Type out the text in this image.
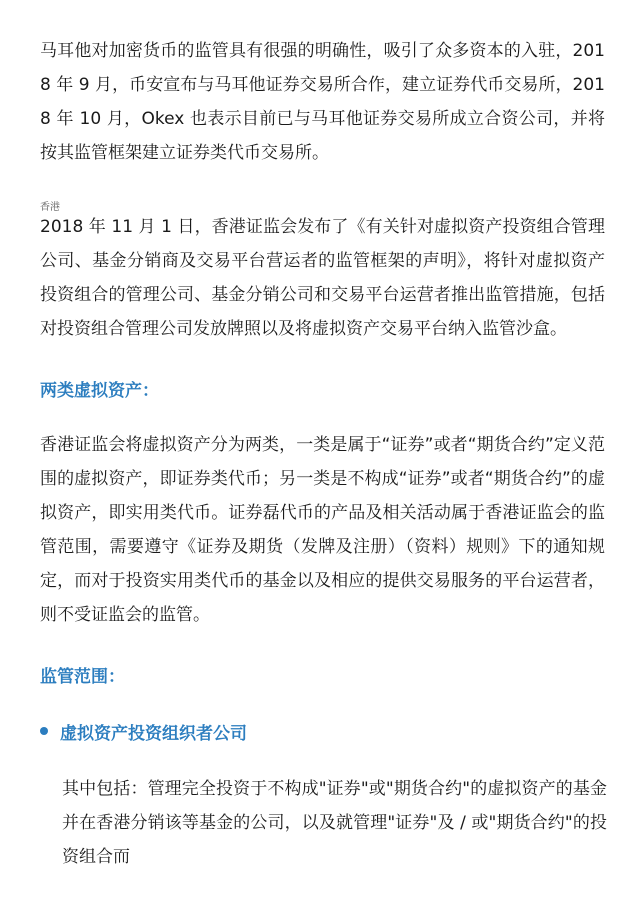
马耳他对加密货币的监管具有很强的明确性，吸引了众多资本的入驻，2018 年 9 月，币安宣布与马耳他证券交易所合作，建立证券代币交易所，2018 年 10 月，Okex 也表示目前已与马耳他证券交易所成立合资公司，并将按其监管框架建立证券类代币交易所。

香港

2018 年 11 月 1 日，香港证监会发布了《有关针对虚拟资产投资组合管理公司、基金分销商及交易平台营运者的监管框架的声明》，将针对虚拟资产投资组合的管理公司、基金分销公司和交易平台运营者推出监管措施，包括对投资组合管理公司发放牌照以及将虚拟资产交易平台纳入监管沙盒。

两类虚拟资产：

香港证监会将虚拟资产分为两类，一类是属于“证券”或者“期货合约”定义范围的虚拟资产，即证券类代币；另一类是不构成“证券”或者“期货合约”的虚拟资产，即实用类代币。证券磊代币的产品及相关活动属于香港证监会的监管范围，需要遵守《证券及期货（发牌及注册）（资料）规则》下的通知规定，而对于投资实用类代币的基金以及相应的提供交易服务的平台运营者，则不受证监会的监管。

监管范围：

虚拟资产投资组织者公司

其中包括：管理完全投资于不构成"证券"或"期货合约"的虚拟资产的基金并在香港分销该等基金的公司，以及就管理"证券"及 / 或"期货合约"的投资组合而
